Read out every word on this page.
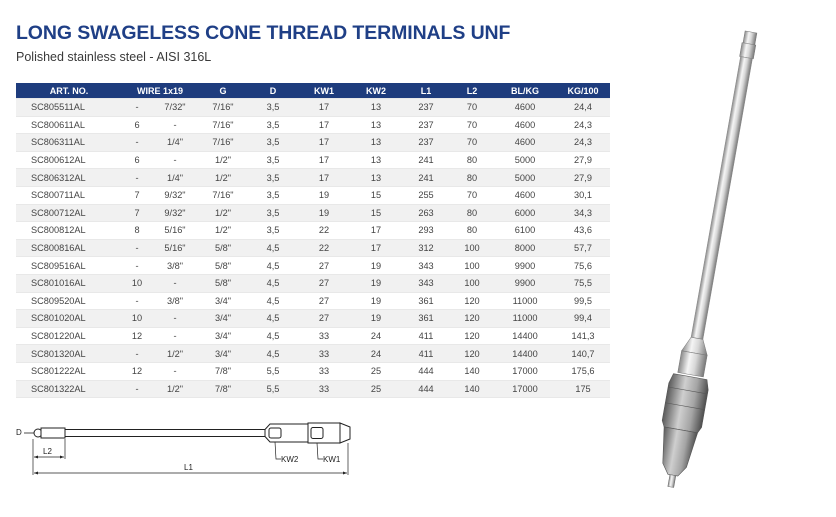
LONG SWAGELESS CONE THREAD TERMINALS UNF

Polished stainless steel - AISI 316L

ART. NO.	WIRE 1x19		G	D	KW1	KW2	L1	L2	BL/KG	KG/100
SC805511AL	-	7/32"	7/16"	3,5	17	13	237	70	4600	24,4
SC800611AL	6	-	7/16"	3,5	17	13	237	70	4600	24,3
SC806311AL	-	1/4"	7/16"	3,5	17	13	237	70	4600	24,3
SC800612AL	6	-	1/2"	3,5	17	13	241	80	5000	27,9
SC806312AL	-	1/4"	1/2"	3,5	17	13	241	80	5000	27,9
SC800711AL	7	9/32"	7/16"	3,5	19	15	255	70	4600	30,1
SC800712AL	7	9/32"	1/2"	3,5	19	15	263	80	6000	34,3
SC800812AL	8	5/16"	1/2"	3,5	22	17	293	80	6100	43,6
SC800816AL	-	5/16"	5/8"	4,5	22	17	312	100	8000	57,7
SC809516AL	-	3/8"	5/8"	4,5	27	19	343	100	9900	75,6
SC801016AL	10	-	5/8"	4,5	27	19	343	100	9900	75,5
SC809520AL	-	3/8"	3/4"	4,5	27	19	361	120	11000	99,5
SC801020AL	10	-	3/4"	4,5	27	19	361	120	11000	99,4
SC801220AL	12	-	3/4"	4,5	33	24	411	120	14400	141,3
SC801320AL	-	1/2"	3/4"	4,5	33	24	411	120	14400	140,7
SC801222AL	12	-	7/8"	5,5	33	25	444	140	17000	175,6
SC801322AL	-	1/2"	7/8"	5,5	33	25	444	140	17000	175
D
L2
L1
KW2	KW1
